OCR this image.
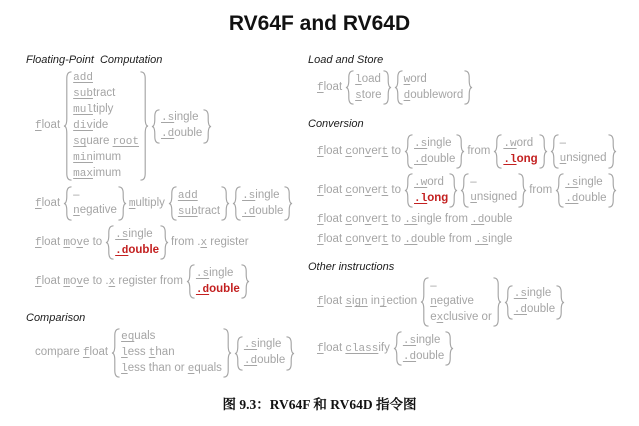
RV64F and RV64D
Floating-Point  Computation
float
add
subtract
multiply
divide
square root
minimum
maximum
.single
.double
float
–
negative
multiply
add
subtract
.single
.double
float move to
.single
.double
from .x register
float move to .x register from
.single
.double
Comparison
compare float
equals
less than
less than or equals
.single
.double
Load and Store
float
load
store
word
doubleword
Conversion
float convert to
.single
.double
from
.word
.long
–
unsigned
float convert to
.word
.long
–
unsigned
from
.single
.double
float convert to .single from .double
float convert to .double from .single
Other instructions
float sign injection
–
negative
exclusive or
.single
.double
float classify
.single
.double
图 9.3：RV64F 和 RV64D 指令图
